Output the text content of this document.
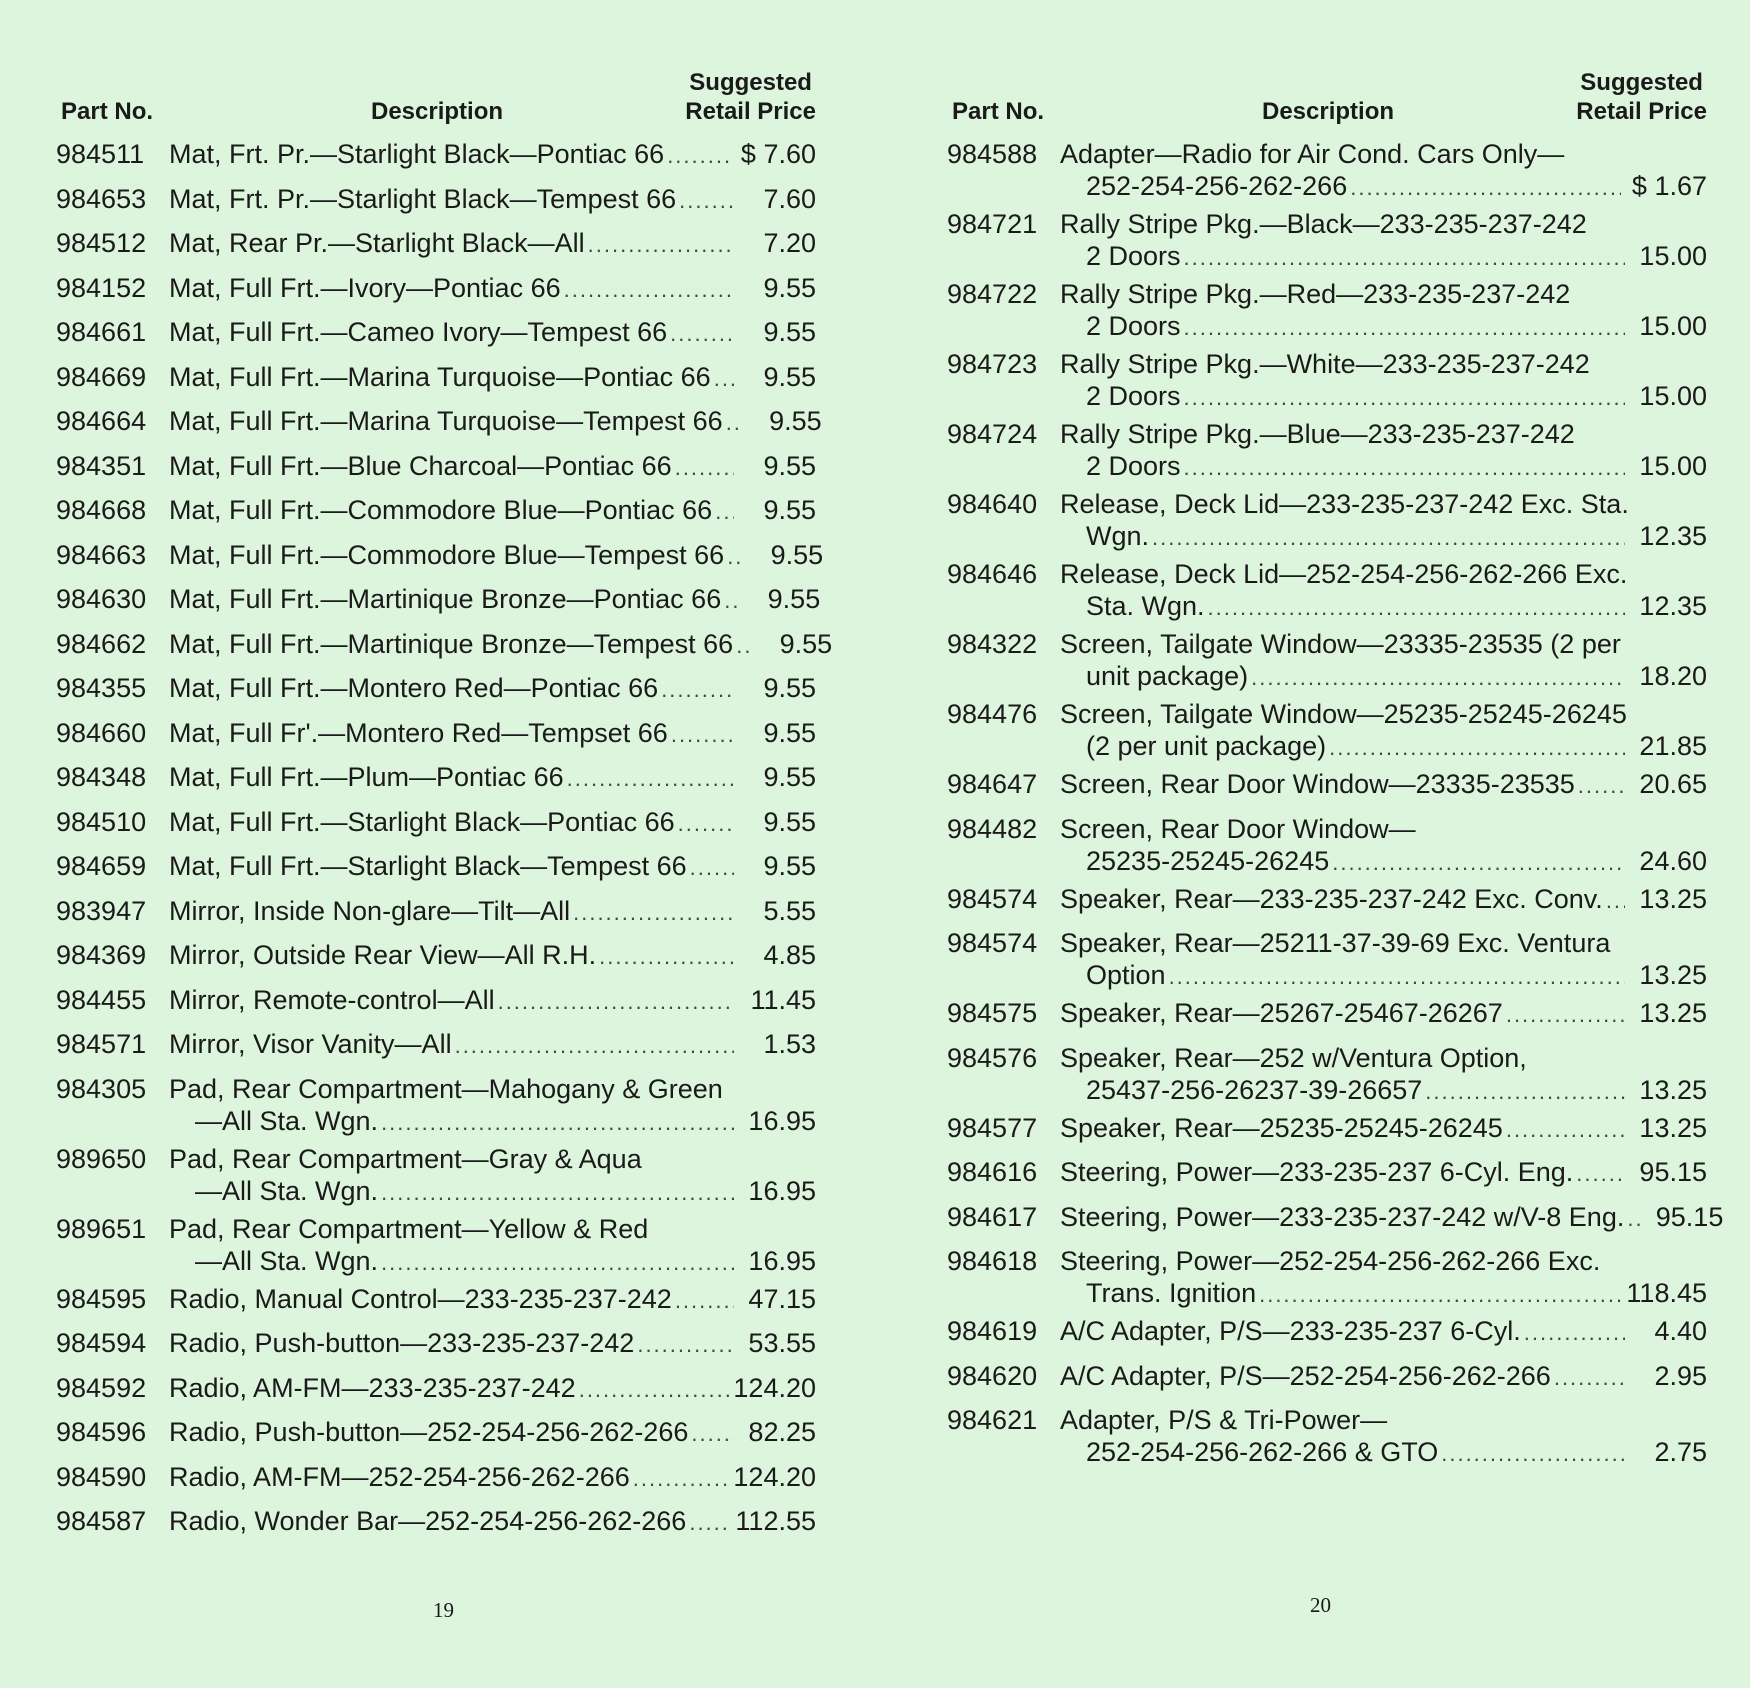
Part No.	Description
Suggested
Retail Price
984511 Mat, Frt. Pr.—Starlight Black—Pontiac 66 .....	$ 7.60
984653 Mat, Frt. Pr.—Starlight Black—Tempest 66 .....	7.60
984512 Mat, Rear Pr.—Starlight Black—All .....	7.20
984152 Mat, Full Frt.—Ivory—Pontiac 66 .....	9.55
984661 Mat, Full Frt.—Cameo Ivory—Tempest 66 .....	9.55
984669 Mat, Full Frt.—Marina Turquoise—Pontiac 66 .....	9.55
984664 Mat, Full Frt.—Marina Turquoise—Tempest 66 .....	9.55
984351 Mat, Full Frt.—Blue Charcoal—Pontiac 66 .....	9.55
984668 Mat, Full Frt.—Commodore Blue—Pontiac 66 .....	9.55
984663 Mat, Full Frt.—Commodore Blue—Tempest 66 .....	9.55
984630 Mat, Full Frt.—Martinique Bronze—Pontiac 66 .....	9.55
984662 Mat, Full Frt.—Martinique Bronze—Tempest 66 .....	9.55
984355 Mat, Full Frt.—Montero Red—Pontiac 66 .....	9.55
984660 Mat, Full Fr'.—Montero Red—Tempset 66 .....	9.55
984348 Mat, Full Frt.—Plum—Pontiac 66 .....	9.55
984510 Mat, Full Frt.—Starlight Black—Pontiac 66 .....	9.55
984659 Mat, Full Frt.—Starlight Black—Tempest 66 .....	9.55
983947 Mirror, Inside Non-glare—Tilt—All .....	5.55
984369 Mirror, Outside Rear View—All R.H. .....	4.85
984455 Mirror, Remote-control—All .....	11.45
984571 Mirror, Visor Vanity—All .....	1.53
984305 Pad, Rear Compartment—Mahogany & Green
—All Sta. Wgn. .....	16.95
989650 Pad, Rear Compartment—Gray & Aqua
—All Sta. Wgn. .....	16.95
989651 Pad, Rear Compartment—Yellow & Red
—All Sta. Wgn. .....	16.95
984595 Radio, Manual Control—233-235-237-242 .....	47.15
984594 Radio, Push-button—233-235-237-242 .....	53.55
984592 Radio, AM-FM—233-235-237-242 .....	124.20
984596 Radio, Push-button—252-254-256-262-266 .....	82.25
984590 Radio, AM-FM—252-254-256-262-266 .....	124.20
984587 Radio, Wonder Bar—252-254-256-262-266 ..... 112.55
19
Part No.	Description
Suggested
Retail Price
984588 Adapter—Radio for Air Cond. Cars Only—
252-254-256-262-266 .....	$ 1.67
984721 Rally Stripe Pkg.—Black—233-235-237-242
2 Doors .....	15.00
984722 Rally Stripe Pkg.—Red—233-235-237-242
2 Doors .....	15.00
984723 Rally Stripe Pkg.—White—233-235-237-242
2 Doors .....	15.00
984724 Rally Stripe Pkg.—Blue—233-235-237-242
2 Doors .....	15.00
984640 Release, Deck Lid—233-235-237-242 Exc. Sta.
Wgn. .....	12.35
984646 Release, Deck Lid—252-254-256-262-266 Exc.
Sta. Wgn. .....	12.35
984322 Screen, Tailgate Window—23335-23535 (2 per
unit package) .....	18.20
984476 Screen, Tailgate Window—25235-25245-26245
(2 per unit package) .....	21.85
984647 Screen, Rear Door Window—23335-23535 .....	20.65
984482 Screen, Rear Door Window—
25235-25245-26245 .....	24.60
984574 Speaker, Rear—233-235-237-242 Exc. Conv. .....	13.25
984574 Speaker, Rear—25211-37-39-69 Exc. Ventura
Option .....	13.25
984575 Speaker, Rear—25267-25467-26267 .....	13.25
984576 Speaker, Rear—252 w/Ventura Option,
25437-256-26237-39-26657 .....	13.25
984577 Speaker, Rear—25235-25245-26245 .....	13.25
984616 Steering, Power—233-235-237 6-Cyl. Eng. .....	95.15
984617 Steering, Power—233-235-237-242 w/V-8 Eng. .....	95.15
984618 Steering, Power—252-254-256-262-266 Exc.
Trans. Ignition .....	118.45
984619 A/C Adapter, P/S—233-235-237 6-Cyl. .....	4.40
984620 A/C Adapter, P/S—252-254-256-262-266 .....	2.95
984621 Adapter, P/S & Tri-Power—
252-254-256-262-266 & GTO .....	2.75
20
